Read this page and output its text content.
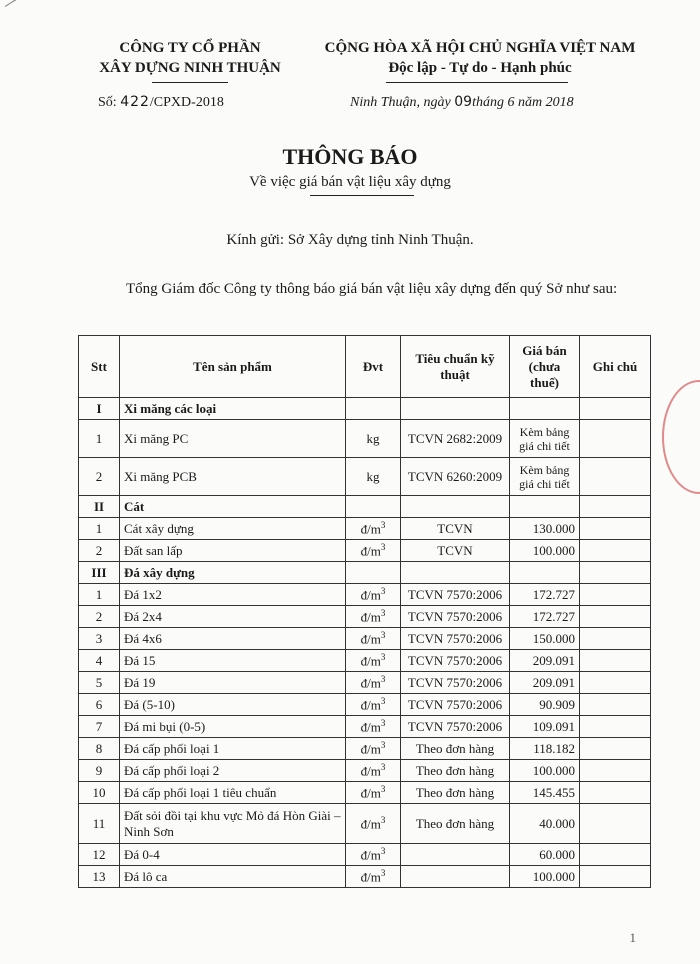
CÔNG TY CỔ PHẦN
XÂY DỰNG NINH THUẬN
CỘNG HÒA XÃ HỘI CHỦ NGHĨA VIỆT NAM
Độc lập - Tự do - Hạnh phúc
Số: 422/CPXD-2018	Ninh Thuận, ngày 09tháng 6 năm 2018
THÔNG BÁO
Về việc giá bán vật liệu xây dựng
Kính gửi: Sở Xây dựng tỉnh Ninh Thuận.
Tổng Giám đốc Công ty thông báo giá bán vật liệu xây dựng đến quý Sở như sau:
Stt	Tên sản phẩm	Đvt	Tiêu chuẩn kỹ thuật	Giá bán (chưa thuế)	Ghi chú
I	Xi măng các loại				
1	Xi măng PC	kg	TCVN 2682:2009	Kèm bảng giá chi tiết	
2	Xi măng PCB	kg	TCVN 6260:2009	Kèm bảng giá chi tiết	
II	Cát				
1	Cát xây dựng	$đ/m^3$	TCVN	130.000	
2	Đất san lấp	$đ/m^3$	TCVN	100.000	
III	Đá xây dựng				
1	Đá 1x2	$đ/m^3$	TCVN 7570:2006	172.727	
2	Đá 2x4	$đ/m^3$	TCVN 7570:2006	172.727	
3	Đá 4x6	$đ/m^3$	TCVN 7570:2006	150.000	
4	Đá 15	$đ/m^3$	TCVN 7570:2006	209.091	
5	Đá 19	$đ/m^3$	TCVN 7570:2006	209.091	
6	Đá (5-10)	$đ/m^3$	TCVN 7570:2006	90.909	
7	Đá mi bụi (0-5)	$đ/m^3$	TCVN 7570:2006	109.091	
8	Đá cấp phối loại 1	$đ/m^3$	Theo đơn hàng	118.182	
9	Đá cấp phối loại 2	$đ/m^3$	Theo đơn hàng	100.000	
10	Đá cấp phối loại 1 tiêu chuẩn	$đ/m^3$	Theo đơn hàng	145.455	
11	Đất sỏi đồi tại khu vực Mỏ đá Hòn Giài – Ninh Sơn	$đ/m^3$	Theo đơn hàng	40.000	
12	Đá 0-4	$đ/m^3$		60.000	
13	Đá lô ca	$đ/m^3$		100.000	
1
